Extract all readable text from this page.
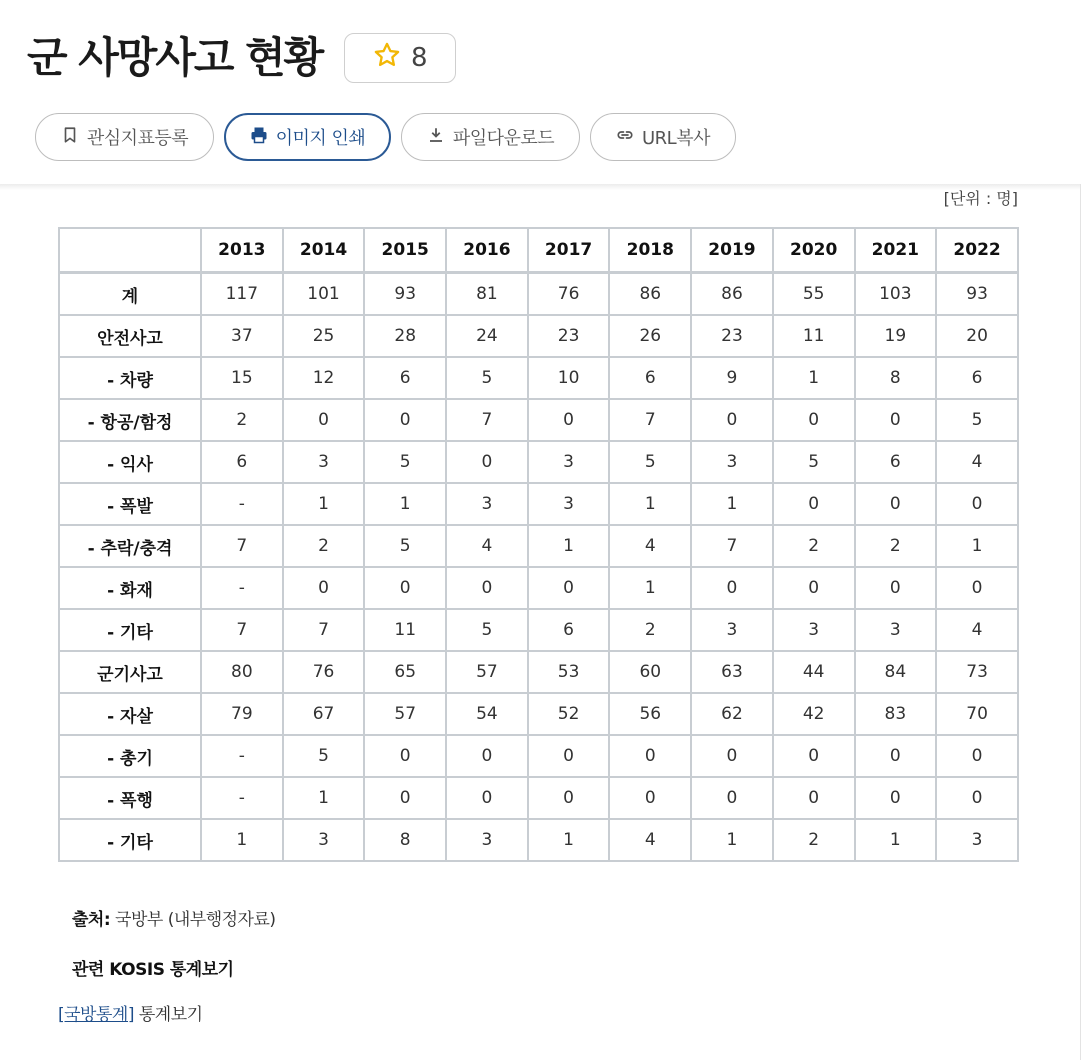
군 사망사고 현황	8
관심지표등록	이미지 인쇄	파일다운로드	URL복사
[단위 : 명]
	2013	2014	2015	2016	2017	2018	2019	2020	2021	2022
계	117	101	93	81	76	86	86	55	103	93
안전사고	37	25	28	24	23	26	23	11	19	20
- 차량	15	12	6	5	10	6	9	1	8	6
- 항공/함정	2	0	0	7	0	7	0	0	0	5
- 익사	6	3	5	0	3	5	3	5	6	4
- 폭발	-	1	1	3	3	1	1	0	0	0
- 추락/충격	7	2	5	4	1	4	7	2	2	1
- 화재	-	0	0	0	0	1	0	0	0	0
- 기타	7	7	11	5	6	2	3	3	3	4
군기사고	80	76	65	57	53	60	63	44	84	73
- 자살	79	67	57	54	52	56	62	42	83	70
- 총기	-	5	0	0	0	0	0	0	0	0
- 폭행	-	1	0	0	0	0	0	0	0	0
- 기타	1	3	8	3	1	4	1	2	1	3
출처: 국방부 (내부행정자료)
관련 KOSIS 통계보기
[국방통계] 통계보기
